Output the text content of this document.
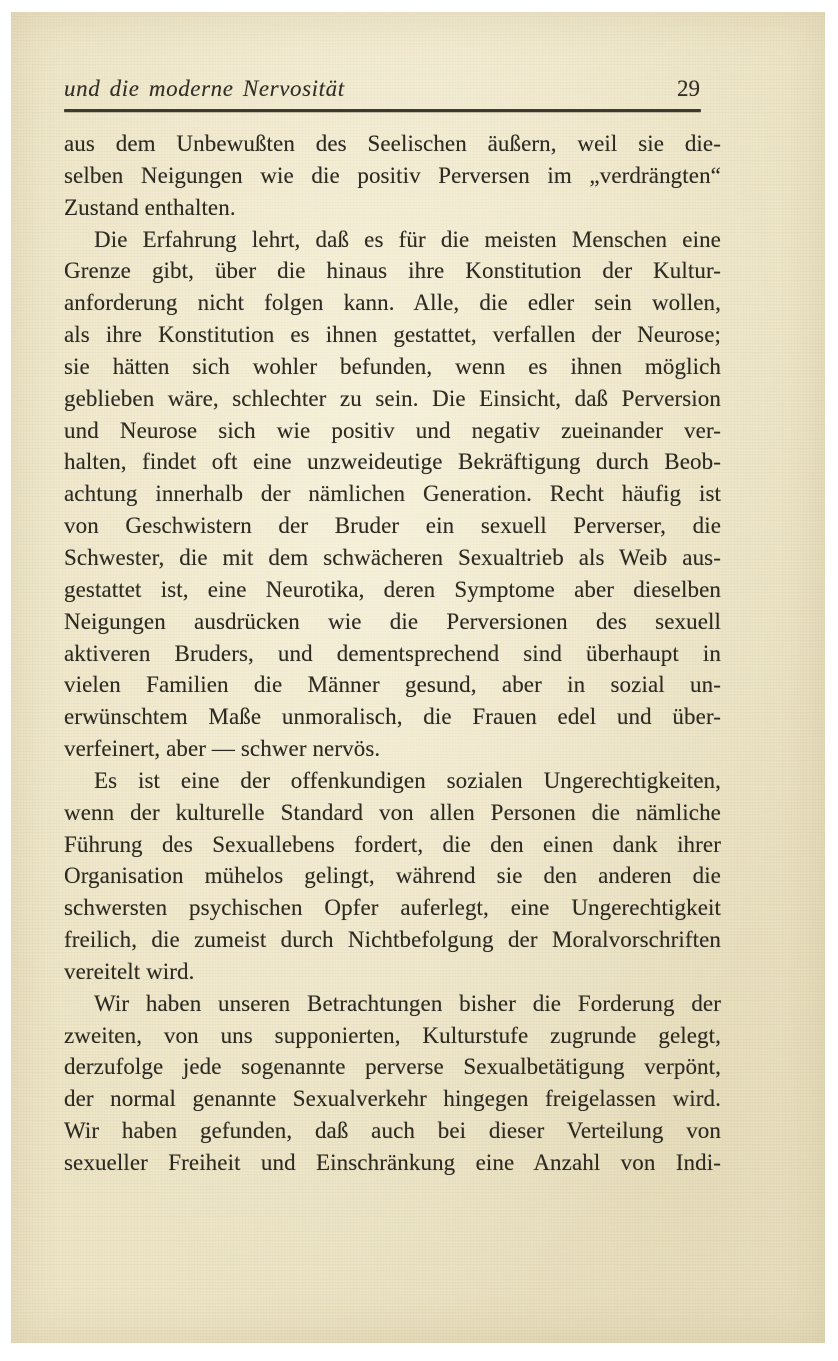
und die moderne Nervosität	29
aus dem Unbewußten des Seelischen äußern, weil sie die-
selben Neigungen wie die positiv Perversen im „verdrängten“
Zustand enthalten.
Die Erfahrung lehrt, daß es für die meisten Menschen eine
Grenze gibt, über die hinaus ihre Konstitution der Kultur-
anforderung nicht folgen kann. Alle, die edler sein wollen,
als ihre Konstitution es ihnen gestattet, verfallen der Neurose;
sie hätten sich wohler befunden, wenn es ihnen möglich
geblieben wäre, schlechter zu sein. Die Einsicht, daß Perversion
und Neurose sich wie positiv und negativ zueinander ver-
halten, findet oft eine unzweideutige Bekräftigung durch Beob-
achtung innerhalb der nämlichen Generation. Recht häufig ist
von Geschwistern der Bruder ein sexuell Perverser, die
Schwester, die mit dem schwächeren Sexualtrieb als Weib aus-
gestattet ist, eine Neurotika, deren Symptome aber dieselben
Neigungen ausdrücken wie die Perversionen des sexuell
aktiveren Bruders, und dementsprechend sind überhaupt in
vielen Familien die Männer gesund, aber in sozial un-
erwünschtem Maße unmoralisch, die Frauen edel und über-
verfeinert, aber — schwer nervös.
Es ist eine der offenkundigen sozialen Ungerechtigkeiten,
wenn der kulturelle Standard von allen Personen die nämliche
Führung des Sexuallebens fordert, die den einen dank ihrer
Organisation mühelos gelingt, während sie den anderen die
schwersten psychischen Opfer auferlegt, eine Ungerechtigkeit
freilich, die zumeist durch Nichtbefolgung der Moralvorschriften
vereitelt wird.
Wir haben unseren Betrachtungen bisher die Forderung der
zweiten, von uns supponierten, Kulturstufe zugrunde gelegt,
derzufolge jede sogenannte perverse Sexualbetätigung verpönt,
der normal genannte Sexualverkehr hingegen freigelassen wird.
Wir haben gefunden, daß auch bei dieser Verteilung von
sexueller Freiheit und Einschränkung eine Anzahl von Indi-
